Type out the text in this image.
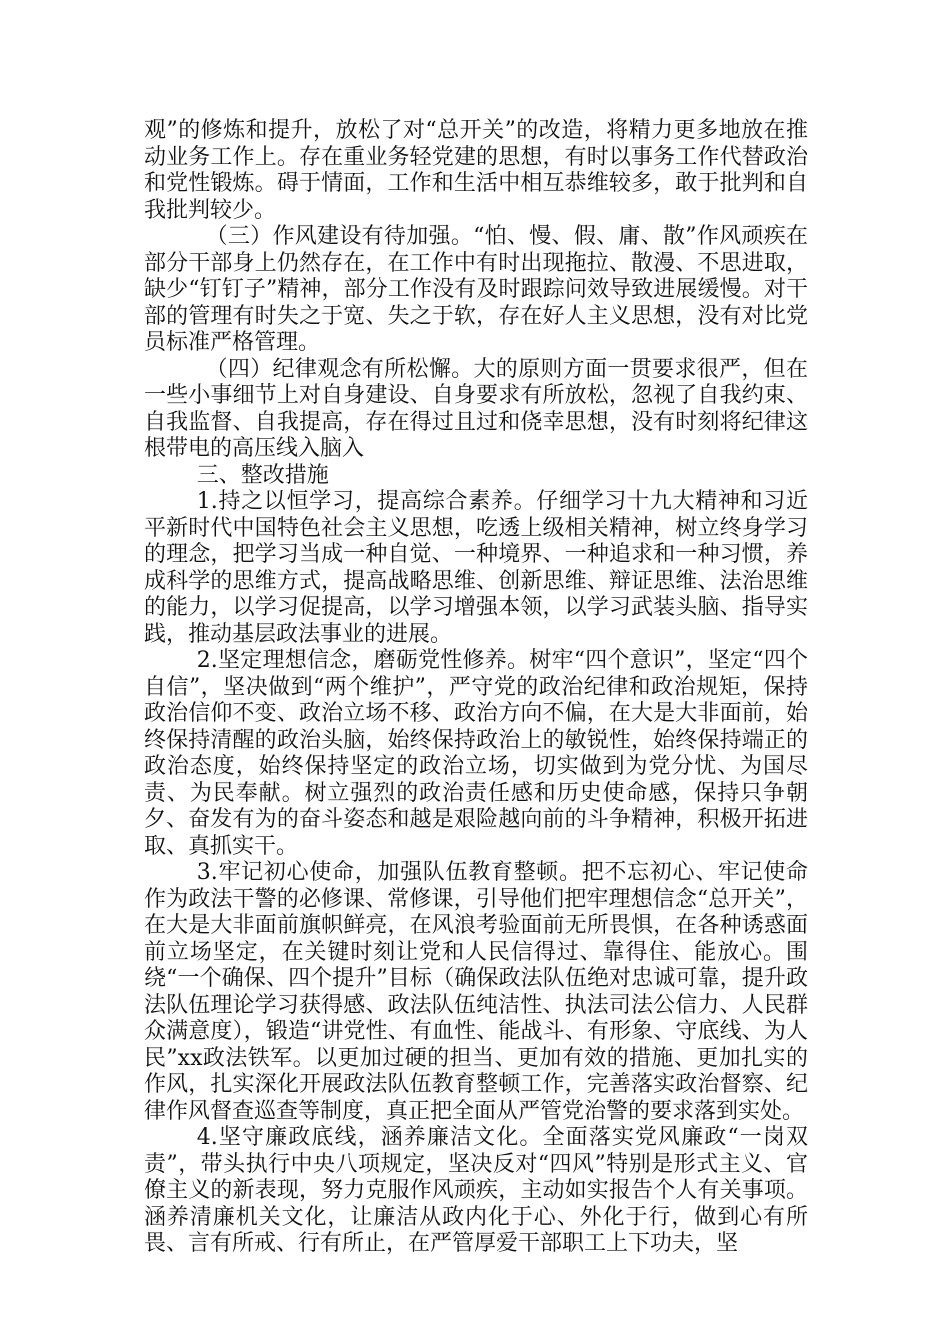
观”的修炼和提升，放松了对“总开关”的改造，将精力更多地放在推动业务工作上。存在重业务轻党建的思想，有时以事务工作代替政治和党性锻炼。碍于情面，工作和生活中相互恭维较多，敢于批判和自我批判较少。

（三）作风建设有待加强。“怕、慢、假、庸、散”作风顽疾在部分干部身上仍然存在，在工作中有时出现拖拉、散漫、不思进取，缺少“钉钉子”精神，部分工作没有及时跟踪问效导致进展缓慢。对干部的管理有时失之于宽、失之于软，存在好人主义思想，没有对比党员标准严格管理。

（四）纪律观念有所松懈。大的原则方面一贯要求很严，但在一些小事细节上对自身建设、自身要求有所放松，忽视了自我约束、自我监督、自我提高，存在得过且过和侥幸思想，没有时刻将纪律这根带电的高压线入脑入

三、整改措施

1.持之以恒学习，提高综合素养。仔细学习十九大精神和习近平新时代中国特色社会主义思想，吃透上级相关精神，树立终身学习的理念，把学习当成一种自觉、一种境界、一种追求和一种习惯，养成科学的思维方式，提高战略思维、创新思维、辩证思维、法治思维的能力，以学习促提高，以学习增强本领，以学习武装头脑、指导实践，推动基层政法事业的进展。

2.坚定理想信念，磨砺党性修养。树牢“四个意识”，坚定“四个自信”，坚决做到“两个维护”，严守党的政治纪律和政治规矩，保持政治信仰不变、政治立场不移、政治方向不偏，在大是大非面前，始终保持清醒的政治头脑，始终保持政治上的敏锐性，始终保持端正的政治态度，始终保持坚定的政治立场，切实做到为党分忧、为国尽责、为民奉献。树立强烈的政治责任感和历史使命感，保持只争朝夕、奋发有为的奋斗姿态和越是艰险越向前的斗争精神，积极开拓进取、真抓实干。

3.牢记初心使命，加强队伍教育整顿。把不忘初心、牢记使命作为政法干警的必修课、常修课，引导他们把牢理想信念“总开关”，在大是大非面前旗帜鲜亮，在风浪考验面前无所畏惧，在各种诱惑面前立场坚定，在关键时刻让党和人民信得过、靠得住、能放心。围绕“一个确保、四个提升”目标（确保政法队伍绝对忠诚可靠，提升政法队伍理论学习获得感、政法队伍纯洁性、执法司法公信力、人民群众满意度），锻造“讲党性、有血性、能战斗、有形象、守底线、为人民”xx政法铁军。以更加过硬的担当、更加有效的措施、更加扎实的作风，扎实深化开展政法队伍教育整顿工作，完善落实政治督察、纪律作风督查巡查等制度，真正把全面从严管党治警的要求落到实处。

4.坚守廉政底线，涵养廉洁文化。全面落实党风廉政“一岗双责”，带头执行中央八项规定，坚决反对“四风”特别是形式主义、官僚主义的新表现，努力克服作风顽疾，主动如实报告个人有关事项。涵养清廉机关文化，让廉洁从政内化于心、外化于行，做到心有所畏、言有所戒、行有所止，在严管厚爱干部职工上下功夫，坚
